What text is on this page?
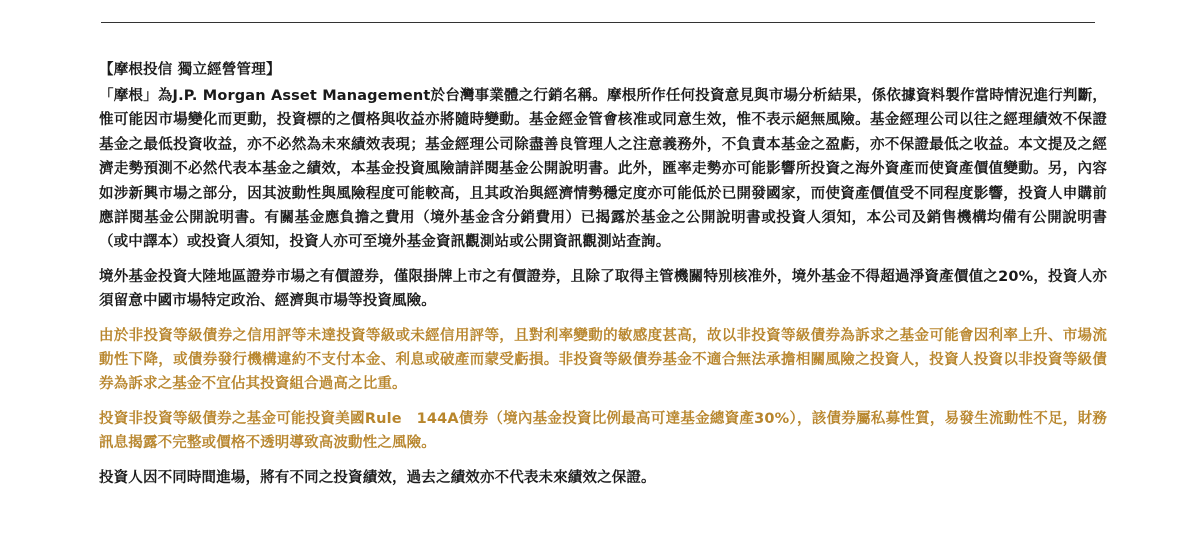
【摩根投信 獨立經營管理】

「摩根」為J.P. Morgan Asset Management於台灣事業體之行銷名稱。摩根所作任何投資意見與市場分析結果，係依據資料製作當時情況進行判斷，惟可能因市場變化而更動，投資標的之價格與收益亦將隨時變動。基金經金管會核准或同意生效，惟不表示絕無風險。基金經理公司以往之經理績效不保證基金之最低投資收益，亦不必然為未來績效表現；基金經理公司除盡善良管理人之注意義務外，不負責本基金之盈虧，亦不保證最低之收益。本文提及之經濟走勢預測不必然代表本基金之績效，本基金投資風險請詳閱基金公開說明書。此外，匯率走勢亦可能影響所投資之海外資產而使資產價值變動。另，內容如涉新興市場之部分，因其波動性與風險程度可能較高，且其政治與經濟情勢穩定度亦可能低於已開發國家，而使資產價值受不同程度影響，投資人申購前應詳閱基金公開說明書。有關基金應負擔之費用（境外基金含分銷費用）已揭露於基金之公開說明書或投資人須知，本公司及銷售機構均備有公開說明書（或中譯本）或投資人須知，投資人亦可至境外基金資訊觀測站或公開資訊觀測站查詢。

境外基金投資大陸地區證券市場之有價證券，僅限掛牌上市之有價證券，且除了取得主管機關特別核准外，境外基金不得超過淨資產價值之20%，投資人亦須留意中國市場特定政治、經濟與市場等投資風險。

由於非投資等級債券之信用評等未達投資等級或未經信用評等，且對利率變動的敏感度甚高，故以非投資等級債券為訴求之基金可能會因利率上升、市場流動性下降，或債券發行機構違約不支付本金、利息或破產而蒙受虧損。非投資等級債券基金不適合無法承擔相關風險之投資人，投資人投資以非投資等級債券為訴求之基金不宜佔其投資組合過高之比重。

投資非投資等級債券之基金可能投資美國Rule　144A債券（境內基金投資比例最高可達基金總資產30%），該債券屬私募性質，易發生流動性不足，財務訊息揭露不完整或價格不透明導致高波動性之風險。

投資人因不同時間進場，將有不同之投資績效，過去之績效亦不代表未來績效之保證。
